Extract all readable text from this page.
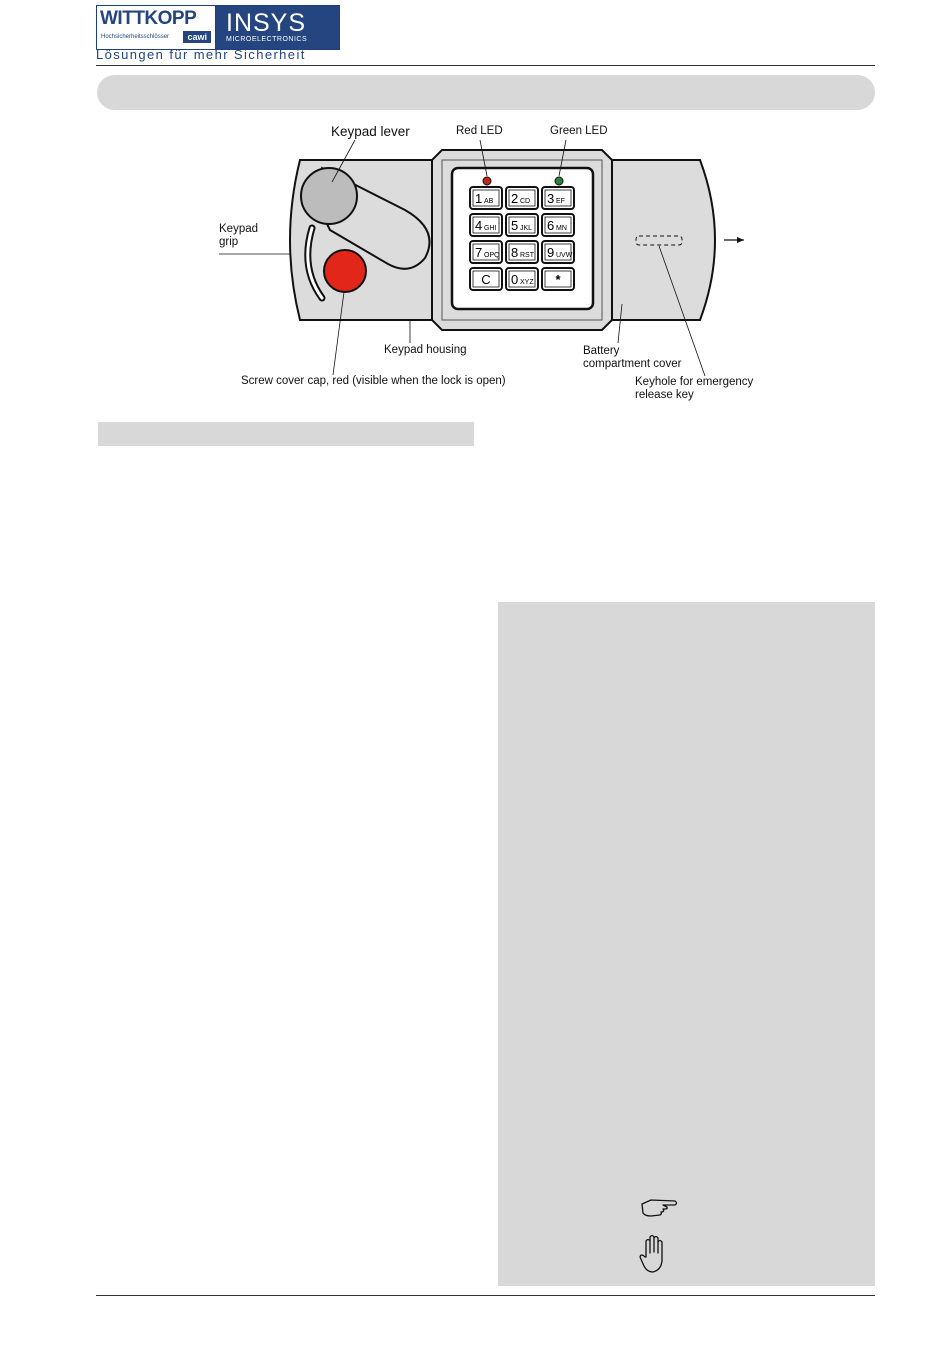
WITTKOPP
Hochsicherheitsschlösser	cawi INSYS
MICROELECTRONICS
Lösungen für mehr Sicherheit
1 AB 2 CD 3 EF
4 GHI 5 JKL 6 MN
7 OPQ 8 RST 9 UVW
C 0 XYZ *
Keypad lever	Red LED	Green LED
Keypad
grip
Keypad housing	Battery
compartment cover
Screw cover cap, red (visible when the lock is open)	Keyhole for emergency
release key
